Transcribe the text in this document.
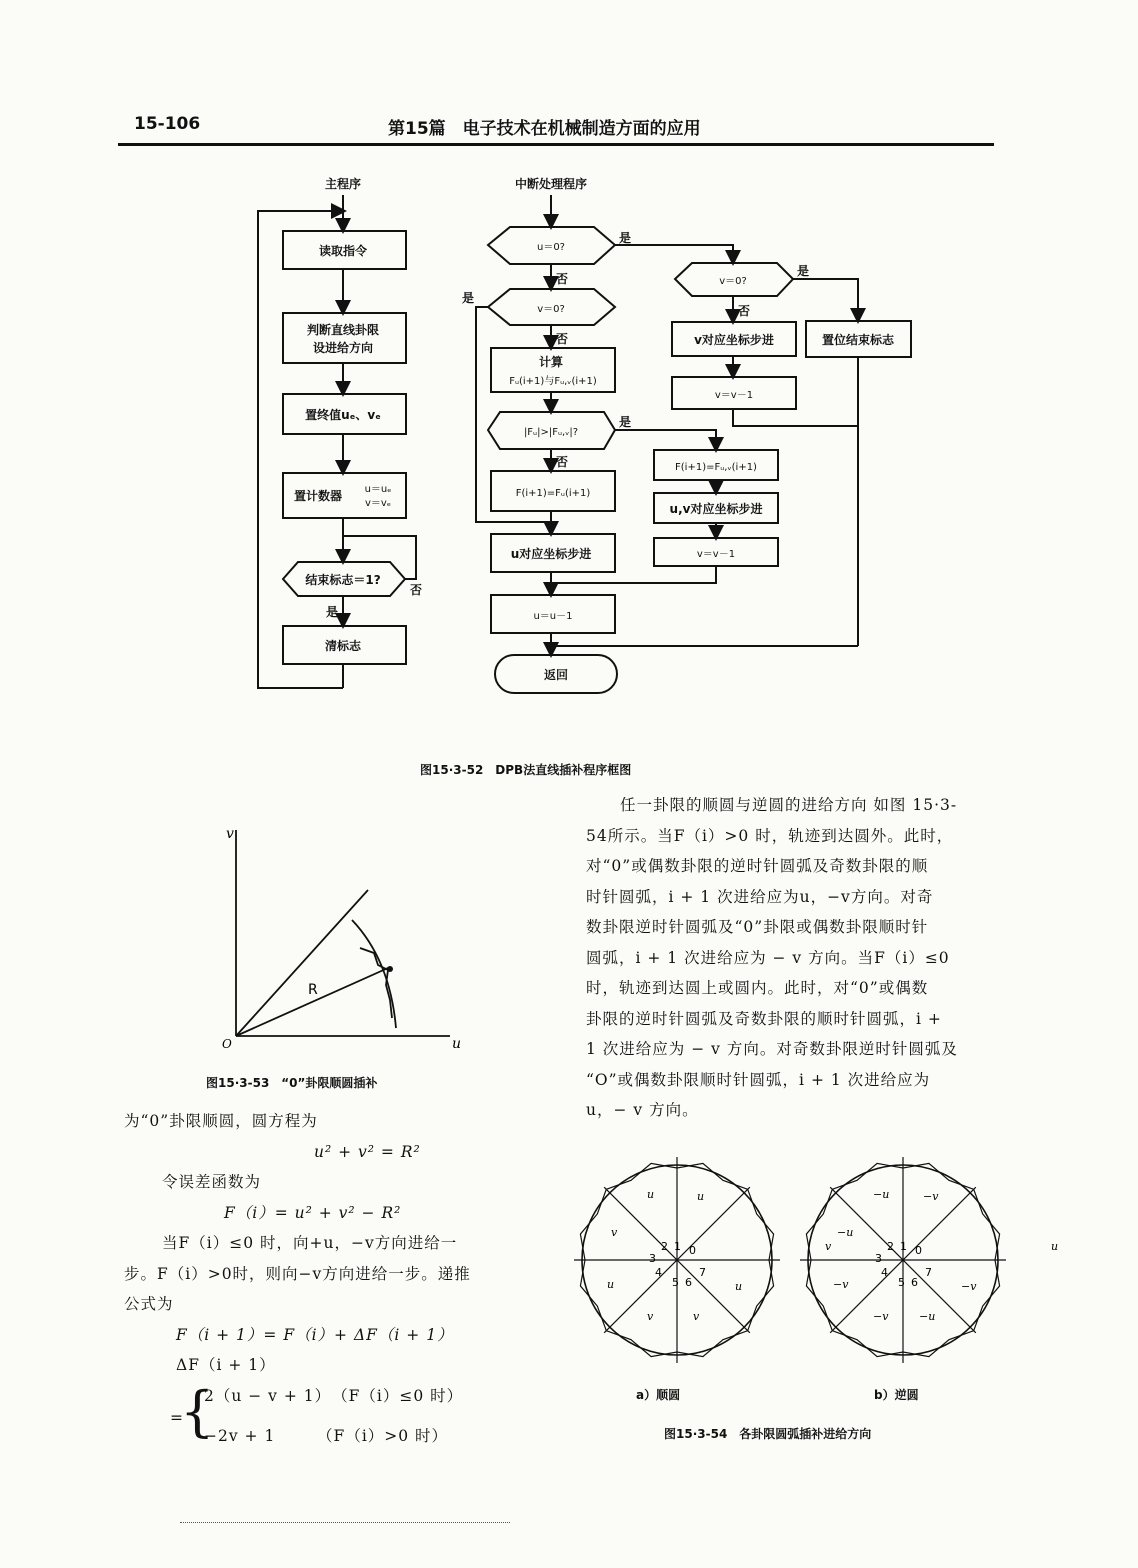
15-106	第15篇　电子技术在机械制造方面的应用
主程序
读取指令
判断直线卦限
设进给方向
置终值uₑ、vₑ
置计数器 u＝uₑ
v＝vₑ
结束标志＝1?
否
是
清标志
中断处理程序
u＝0?
是
否
v＝0?
是
否
计算
Fᵤ(i+1)与Fᵤ,ᵥ(i+1)
|Fᵤ|>|Fᵤ,ᵥ|?
是
否
F(i+1)=Fᵤ(i+1)
u对应坐标步进
u＝u－1
返回
v＝0?
是
否
v对应坐标步进
v＝v－1
置位结束标志
F(i+1)=Fᵤ,ᵥ(i+1)
u,v对应坐标步进
v＝v－1
图15·3-52　DPB法直线插补程序框图
v
u
O
R
图15·3-53　“0”卦限顺圆插补
为“0”卦限顺圆，圆方程为
u² + v² = R²
令误差函数为
F（i）= u² + v² − R²
当F（i）≤0 时，向+u，−v方向进给一
步。F（i）>0时，则向−v方向进给一步。递推
公式为
F（i + 1）= F（i）+ ΔF（i + 1）
ΔF（i + 1）
=
{
2（u − v + 1）　（F（i）≤0 时）
−2v + 1　　　（F（i）>0 时）
任一卦限的顺圆与逆圆的进给方向 如图 15·3-
54所示。当F（i）>0 时，轨迹到达圆外。此时，
对“0”或偶数卦限的逆时针圆弧及奇数卦限的顺
时针圆弧，i + 1 次进给应为u，−v方向。对奇
数卦限逆时针圆弧及“0”卦限或偶数卦限顺时针
圆弧，i + 1 次进给应为 − v 方向。当F（i）≤0
时，轨迹到达圆上或圆内。此时，对“0”或偶数
卦限的逆时针圆弧及奇数卦限的顺时针圆弧，i +
1 次进给应为 − v 方向。对奇数卦限逆时针圆弧及
“O”或偶数卦限顺时针圆弧，i + 1 次进给应为
u，− v 方向。
0
1
2
3
4
5 6
7
v
u
u
v
u
v	v
u
0
1
2
3
4
5 6
7
u
−v
−u
−u
−v
−v	−u
−v
a）顺圆	b）逆圆
图15·3-54　各卦限圆弧插补进给方向
